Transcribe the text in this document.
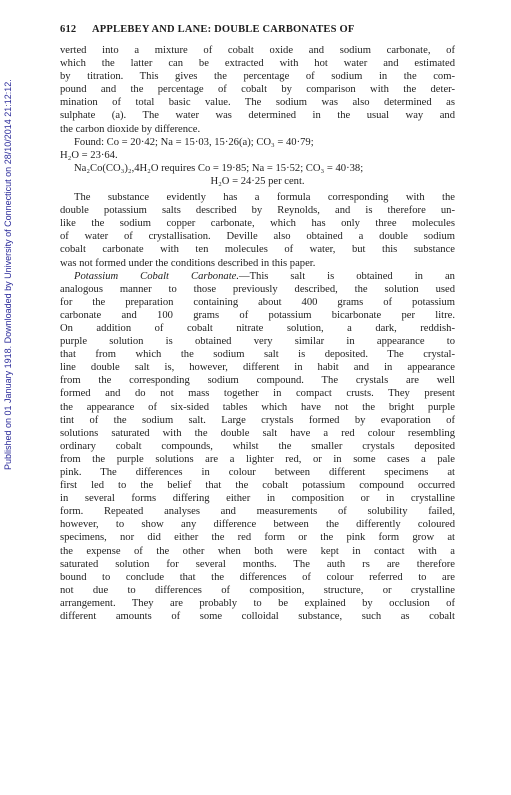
Published on 01 January 1918. Downloaded by University of Connecticut on 28/10/2014 21:12:12.
612 APPLEBEY AND LANE: DOUBLE CARBONATES OF
verted into a mixture of cobalt oxide and sodium carbonate, of
which the latter can be extracted with hot water and estimated
by titration. This gives the percentage of sodium in the com-
pound and the percentage of cobalt by comparison with the deter-
mination of total basic value. The sodium was also determined as
sulphate (a). The water was determined in the usual way and
the carbon dioxide by difference.
Found: Co = 20·42; Na = 15·03, 15·26(a); CO₃ = 40·79;
H₂O = 23·64.
Na₂Co(CO₃)₂,4H₂O requires Co = 19·85; Na = 15·52; CO₃ = 40·38;
H₂O = 24·25 per cent.
The substance evidently has a formula corresponding with the
double potassium salts described by Reynolds, and is therefore un-
like the sodium copper carbonate, which has only three molecules
of water of crystallisation. Deville also obtained a double sodium
cobalt carbonate with ten molecules of water, but this substance
was not formed under the conditions described in this paper.
Potassium Cobalt Carbonate.—This salt is obtained in an
analogous manner to those previously described, the solution used
for the preparation containing about 400 grams of potassium
carbonate and 100 grams of potassium bicarbonate per litre.
On addition of cobalt nitrate solution, a dark, reddish-
purple solution is obtained very similar in appearance to
that from which the sodium salt is deposited. The crystal-
line double salt is, however, different in habit and in appearance
from the corresponding sodium compound. The crystals are well
formed and do not mass together in compact crusts. They present
the appearance of six-sided tables which have not the bright purple
tint of the sodium salt. Large crystals formed by evaporation of
solutions saturated with the double salt have a red colour resembling
ordinary cobalt compounds, whilst the smaller crystals deposited
from the purple solutions are a lighter red, or in some cases a pale
pink. The differences in colour between different specimens at
first led to the belief that the cobalt potassium compound occurred
in several forms differing either in composition or in crystalline
form. Repeated analyses and measurements of solubility failed,
however, to show any difference between the differently coloured
specimens, nor did either the red form or the pink form grow at
the expense of the other when both were kept in contact with a
saturated solution for several months. The auth rs are therefore
bound to conclude that the differences of colour referred to are
not due to differences of composition, structure, or crystalline
arrangement. They are probably to be explained by occlusion of
different amounts of some colloidal substance, such as cobalt
